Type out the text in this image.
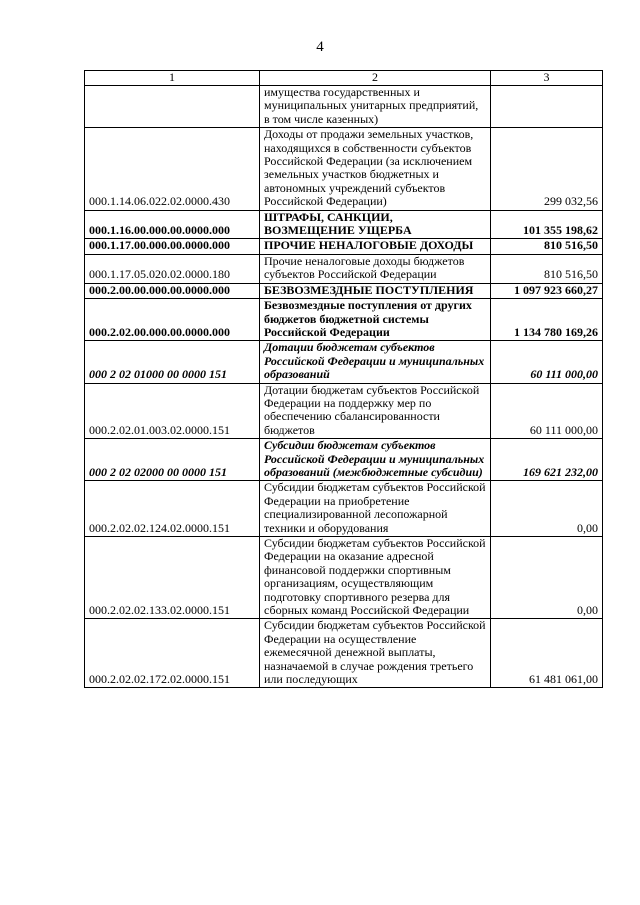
4
1	2	3
	имущества государственных и муниципальных унитарных предприятий, в том числе казенных)	
000.1.14.06.022.02.0000.430	Доходы от продажи земельных участков, находящихся в собственности субъектов Российской Федерации (за исключением земельных участков бюджетных и автономных учреждений субъектов Российской Федерации)	299 032,56
000.1.16.00.000.00.0000.000	ШТРАФЫ, САНКЦИИ, ВОЗМЕЩЕНИЕ УЩЕРБА	101 355 198,62
000.1.17.00.000.00.0000.000	ПРОЧИЕ НЕНАЛОГОВЫЕ ДОХОДЫ	810 516,50
000.1.17.05.020.02.0000.180	Прочие неналоговые доходы бюджетов субъектов Российской Федерации	810 516,50
000.2.00.00.000.00.0000.000	БЕЗВОЗМЕЗДНЫЕ ПОСТУПЛЕНИЯ	1 097 923 660,27
000.2.02.00.000.00.0000.000	Безвозмездные поступления от других бюджетов бюджетной системы Российской Федерации	1 134 780 169,26
000 2 02 01000 00 0000 151	Дотации бюджетам субъектов Российской Федерации и муниципальных образований	60 111 000,00
000.2.02.01.003.02.0000.151	Дотации бюджетам субъектов Российской Федерации на поддержку мер по обеспечению сбалансированности бюджетов	60 111 000,00
000 2 02 02000 00 0000 151	Субсидии бюджетам субъектов Российской Федерации и муниципальных образований (межбюджетные субсидии)	169 621 232,00
000.2.02.02.124.02.0000.151	Субсидии бюджетам субъектов Российской Федерации на приобретение специализированной лесопожарной техники и оборудования	0,00
000.2.02.02.133.02.0000.151	Субсидии бюджетам субъектов Российской Федерации на оказание адресной финансовой поддержки спортивным организациям, осуществляющим подготовку спортивного резерва для сборных команд Российской Федерации	0,00
000.2.02.02.172.02.0000.151	Субсидии бюджетам субъектов Российской Федерации на осуществление ежемесячной денежной выплаты, назначаемой в случае рождения третьего или последующих	61 481 061,00
